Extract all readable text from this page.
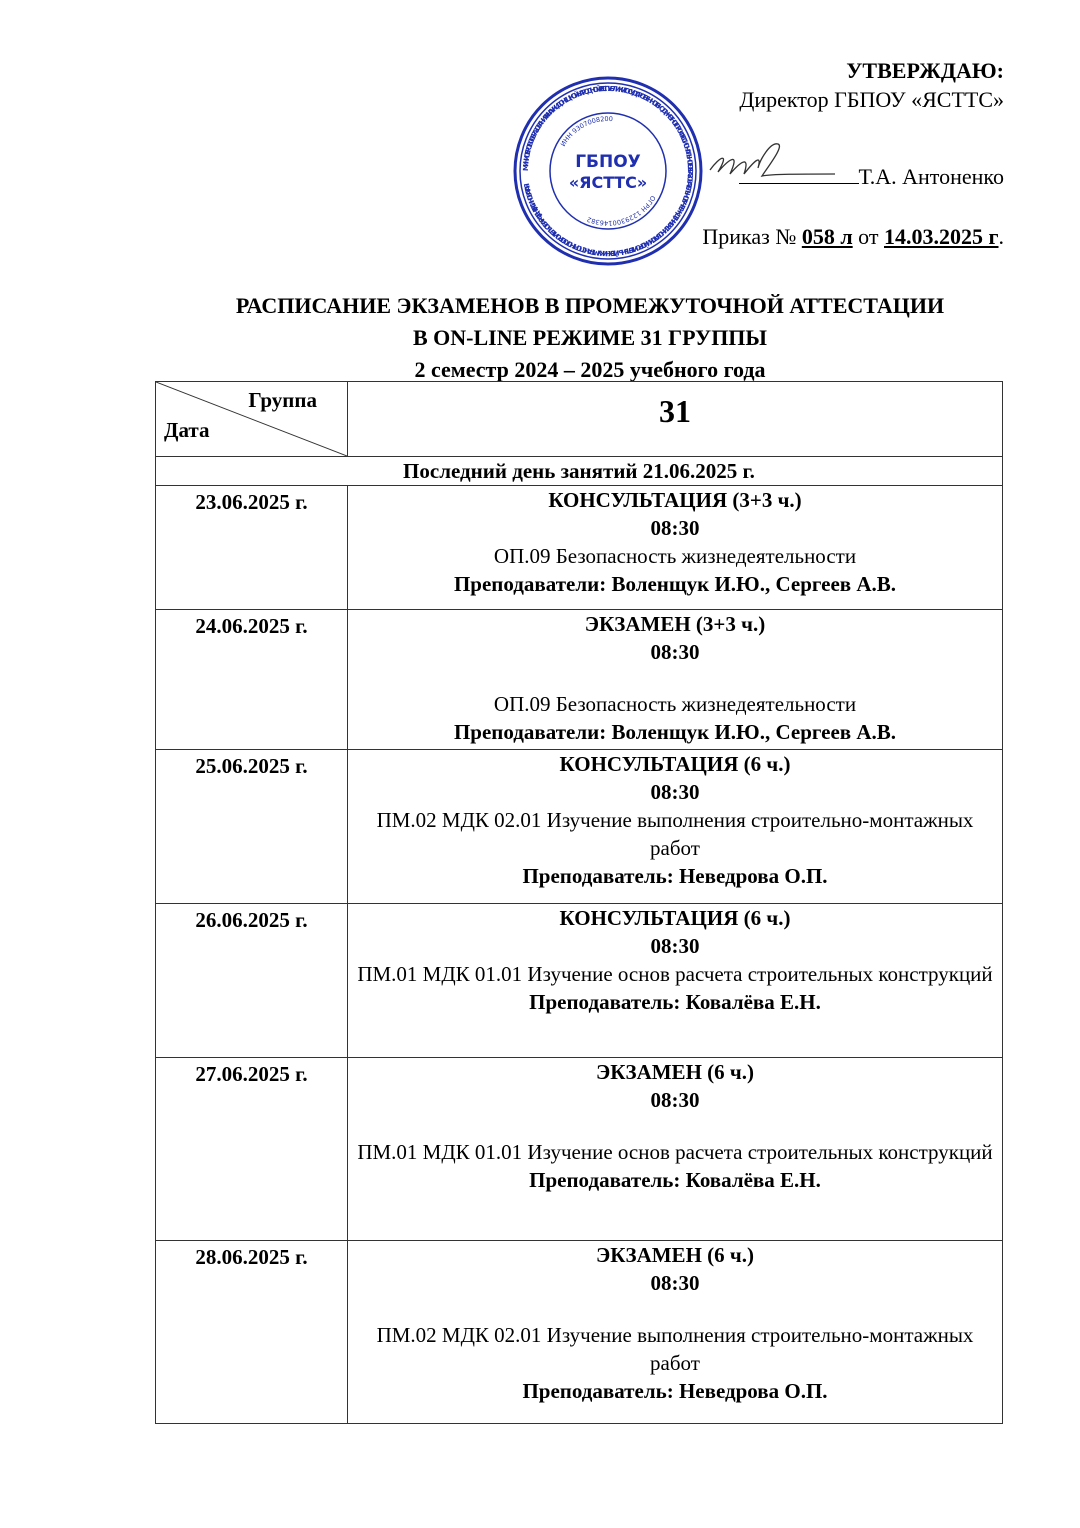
МИНИСТЕРСТВО ОБРАЗОВАНИЯ И НАУКИ ДОНЕЦКОЙ НАРОДНОЙ РЕСПУБЛИКИ ГОСУДАРСТВЕННОЕ БЮДЖЕТНОЕ ПРОФЕССИОНАЛЬНОЕ ОБРАЗОВАТЕЛЬНОЕ УЧРЕЖДЕНИЕ «ЯСИНОВАТСКИЙ СТРОИТЕЛЬНЫЙ ТЕХНИКУМ ТРАНСПОРТНОГО СТРОИТЕЛЬСТВА» РФ, ДНР, Г. ЯСИНОВАТАЯ
ИНН 9307008200
ОГРН 1229300146382
ГБПОУ
«ЯСТТС»
УТВЕРЖДАЮ:
Директор ГБПОУ «ЯСТТС»
Т.А. Антоненко
Приказ № 058 л от 14.03.2025 г.
РАСПИСАНИЕ ЭКЗАМЕНОВ В ПРОМЕЖУТОЧНОЙ АТТЕСТАЦИИ
В ON-LINE РЕЖИМЕ 31 ГРУППЫ
2 семестр 2024 – 2025 учебного года
Группа
Дата	31
Последний день занятий 21.06.2025 г.	
23.06.2025 г.	КОНСУЛЬТАЦИЯ (3+3 ч.)
08:30
ОП.09 Безопасность жизнедеятельности
Преподаватели: Воленщук И.Ю., Сергеев А.В.

24.06.2025 г.	ЭКЗАМЕН (3+3 ч.)
08:30
ОП.09 Безопасность жизнедеятельности
Преподаватели: Воленщук И.Ю., Сергеев А.В.

25.06.2025 г.	КОНСУЛЬТАЦИЯ (6 ч.)
08:30
ПМ.02 МДК 02.01 Изучение выполнения строительно-монтажных работ
Преподаватель: Неведрова О.П.

26.06.2025 г.	КОНСУЛЬТАЦИЯ (6 ч.)
08:30
ПМ.01 МДК 01.01 Изучение основ расчета строительных конструкций
Преподаватель: Ковалёва Е.Н.

27.06.2025 г.	ЭКЗАМЕН (6 ч.)
08:30
ПМ.01 МДК 01.01 Изучение основ расчета строительных конструкций
Преподаватель: Ковалёва Е.Н.

28.06.2025 г.	ЭКЗАМЕН (6 ч.)
08:30
ПМ.02 МДК 02.01 Изучение выполнения строительно-монтажных работ
Преподаватель: Неведрова О.П.
